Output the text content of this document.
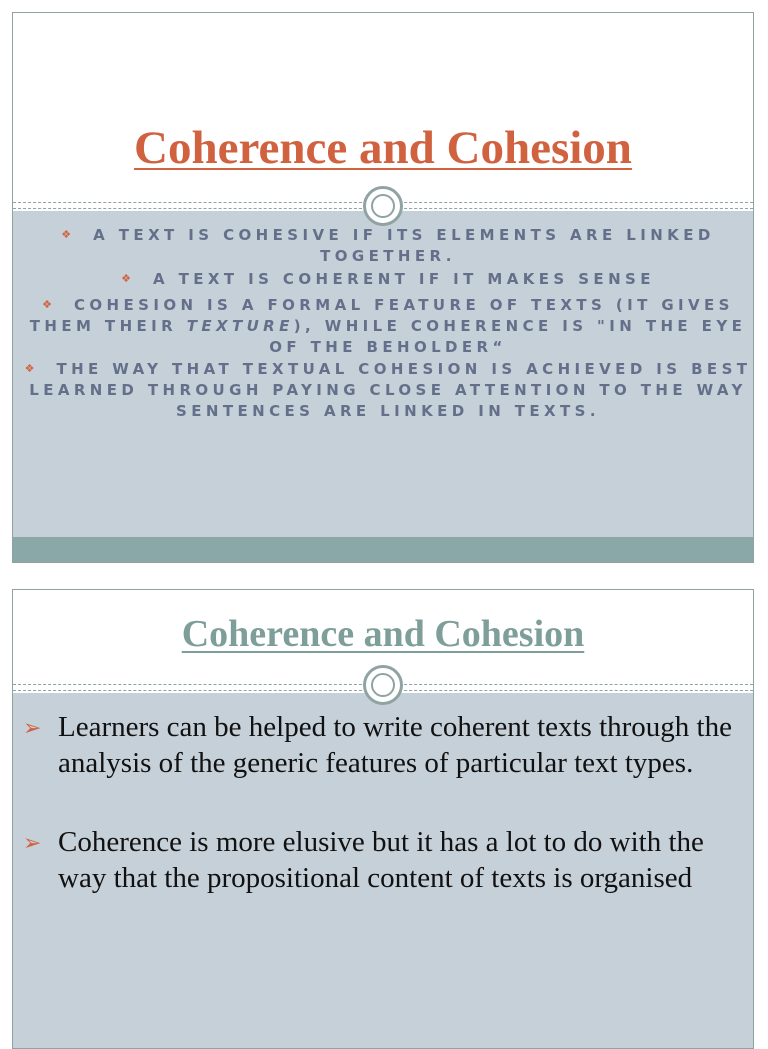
Coherence and Cohesion
❖ A TEXT IS COHESIVE IF ITS ELEMENTS ARE LINKED TOGETHER.
❖ A TEXT IS COHERENT IF IT MAKES SENSE
❖ COHESION IS A FORMAL FEATURE OF TEXTS (IT GIVES THEM THEIR TEXTURE), WHILE COHERENCE IS "IN THE EYE OF THE BEHOLDER“
❖ THE WAY THAT TEXTUAL COHESION IS ACHIEVED IS BEST LEARNED THROUGH PAYING CLOSE ATTENTION TO THE WAY SENTENCES ARE LINKED IN TEXTS.
Coherence and Cohesion
➢ Learners can be helped to write coherent texts through the analysis of the generic features of particular text types.
➢ Coherence is more elusive but it has a lot to do with the way that the propositional content of texts is organised
